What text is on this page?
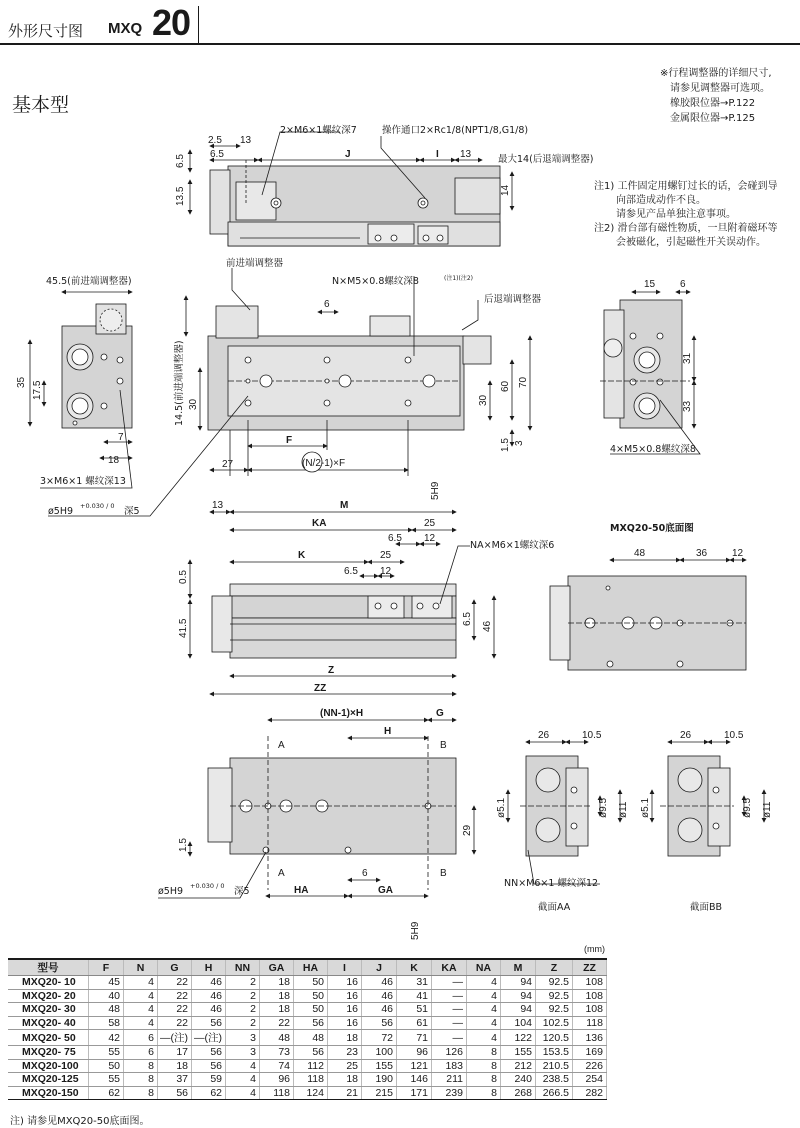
外形尺寸图 MXQ 20
基本型
※行程调整器的详细尺寸,
请参见调整器可选项。
橡胶限位器→P.122
金属限位器→P.125
注1) 工件固定用螺钉过长的话，会碰到导
向部造成动作不良。
请参见产品单独注意事项。
注2) 滑台部有磁性物质，一旦附着磁环等
会被磁化，引起磁性开关误动作。
2×M6×1螺纹深7	操作通口2×Rc1/8(NPT1/8,G1/8)
最大14(后退端调整器)
2.5 13
6.5	J	I 13
6.5
13.5	14
前进端调整器
45.5(前进端调整器)
35 17.5
7
18
3×M6×1 螺纹深13
ø5H9 +0.030 / 0 深5
N×M5×0.8螺纹深8	(注1)(注2)
后退端调整器
14.5(前进端调整器)
6
30
F
27	(N/2-1)×F
70
60
30
1.5 3
5H9
15 6
31
33
4×M5×0.8螺纹深8
13	M
KA	25
6.5 12
K	25
6.5 12
NA×M6×1螺纹深6
0.5
41.5	6.5
46
Z
ZZ
MXQ20-50底面图
48	36 12
(NN-1)×H	G
H
A	B
A	B
29
1.5
6
HA	GA
ø5H9 +0.030 / 0 深5
5H9
26	10.5
ø5.1	ø9.5 ø11
NN×M6×1 螺纹深12
截面AA
26	10.5
ø5.1	ø9.5 ø11
截面BB
(mm)
型号	F	N	G	H	NN	GA	HA	I	J	K	KA	NA	M	Z	ZZ
MXQ20- 10	45	4	22	46	2	18	50	16	46	31	—	4	94	92.5	108
MXQ20- 20	40	4	22	46	2	18	50	16	46	41	—	4	94	92.5	108
MXQ20- 30	48	4	22	46	2	18	50	16	46	51	—	4	94	92.5	108
MXQ20- 40	58	4	22	56	2	22	56	16	56	61	—	4	104	102.5	118
MXQ20- 50	42	6	—(注)	—(注)	3	48	48	18	72	71	—	4	122	120.5	136
MXQ20- 75	55	6	17	56	3	73	56	23	100	96	126	8	155	153.5	169
MXQ20-100	50	8	18	56	4	74	112	25	155	121	183	8	212	210.5	226
MXQ20-125	55	8	37	59	4	96	118	18	190	146	211	8	240	238.5	254
MXQ20-150	62	8	56	62	4	118	124	21	215	171	239	8	268	266.5	282
注) 请参见MXQ20-50底面图。
